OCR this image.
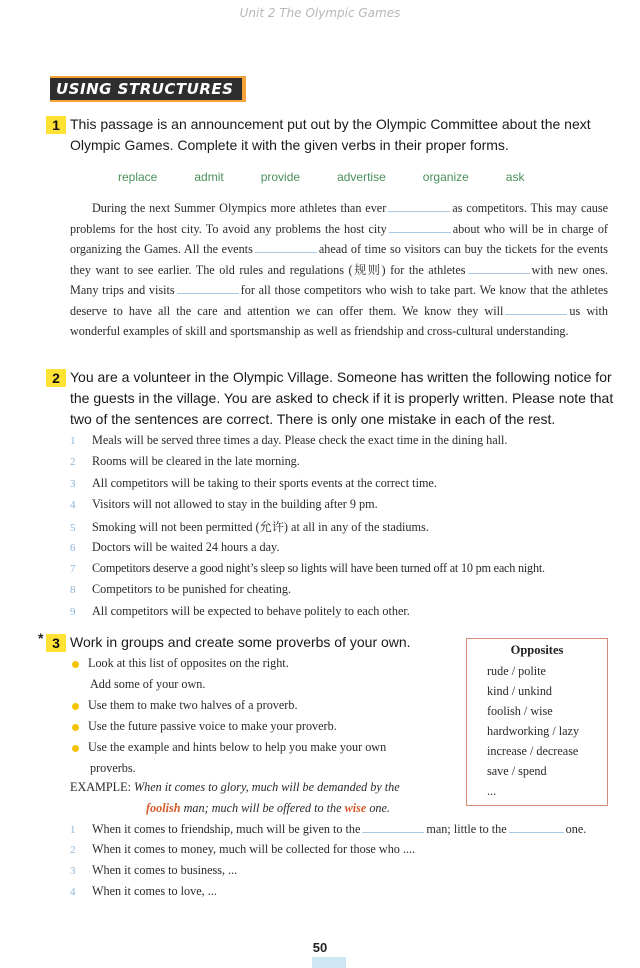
Unit 2 The Olympic Games
USING STRUCTURES
1 This passage is an announcement put out by the Olympic Committee about the next
Olympic Games. Complete it with the given verbs in their proper forms.
replace	admit	provide	advertise	organize	ask
During the next Summer Olympics more athletes than ever	as competitors. This may cause problems for the host city. To avoid any problems the host city	about who will be in charge of organizing the Games. All the events	ahead of time so visitors can buy the tickets for the events they want to see earlier. The old rules and regulations (规则) for the athletes	with new ones. Many trips and visits	for all those competitors who wish to take part. We know that the athletes deserve to have all the care and attention we can offer them. We know they will	us with wonderful examples of skill and sportsmanship as well as friendship and cross-cultural understanding.
2 You are a volunteer in the Olympic Village. Someone has written the following notice for
the guests in the village. You are asked to check if it is properly written. Please note that
two of the sentences are correct. There is only one mistake in each of the rest.
1 Meals will be served three times a day. Please check the exact time in the dining hall.
2 Rooms will be cleared in the late morning.
3 All competitors will be taking to their sports events at the correct time.
4 Visitors will not allowed to stay in the building after 9 pm.
5 Smoking will not been permitted (允许) at all in any of the stadiums.
6 Doctors will be waited 24 hours a day.
7 Competitors deserve a good night’s sleep so lights will have been turned off at 10 pm each night.
8 Competitors to be punished for cheating.
9 All competitors will be expected to behave politely to each other.
* 3 Work in groups and create some proverbs of your own.
Look at this list of opposites on the right.
Add some of your own.
Use them to make two halves of a proverb.
Use the future passive voice to make your proverb.
Use the example and hints below to help you make your own
proverbs.
EXAMPLE: When it comes to glory, much will be demanded by the
foolish man; much will be offered to the wise one.
Opposites
rude / polite
kind / unkind
foolish / wise
hardworking / lazy
increase / decrease
save / spend
...
1 When it comes to friendship, much will be given to the	man; little to the	one.
2 When it comes to money, much will be collected for those who ....
3 When it comes to business, ...
4 When it comes to love, ...
50
